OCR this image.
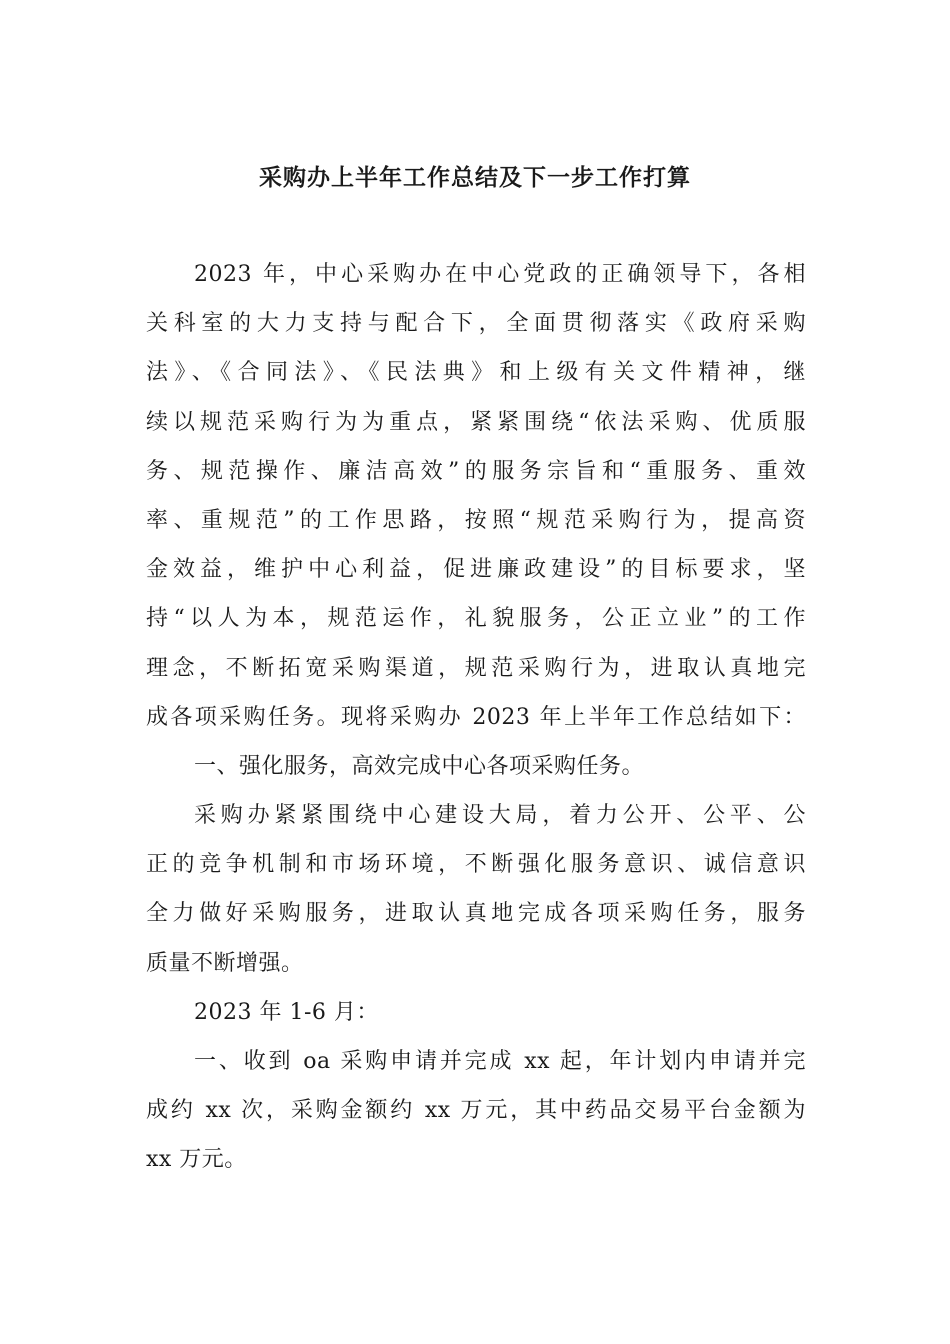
采购办上半年工作总结及下一步工作打算
2023 年，中心采购办在中心党政的正确领导下，各相
关科室的大力支持与配合下，全面贯彻落实《政府采购
法》、《合同法》、《民法典》和上级有关文件精神，继
续以规范采购行为为重点，紧紧围绕“依法采购、优质服
务、规范操作、廉洁高效”的服务宗旨和“重服务、重效
率、重规范”的工作思路，按照“规范采购行为，提高资
金效益，维护中心利益，促进廉政建设”的目标要求，坚
持“以人为本，规范运作，礼貌服务，公正立业”的工作
理念，不断拓宽采购渠道，规范采购行为，进取认真地完
成各项采购任务。现将采购办 2023 年上半年工作总结如下：
一、强化服务，高效完成中心各项采购任务。
采购办紧紧围绕中心建设大局，着力公开、公平、公
正的竞争机制和市场环境，不断强化服务意识、诚信意识
全力做好采购服务，进取认真地完成各项采购任务，服务
质量不断增强。
2023 年 1-6 月：
一、收到 oa 采购申请并完成 xx 起，年计划内申请并完
成约 xx 次，采购金额约 xx 万元，其中药品交易平台金额为
xx 万元。
